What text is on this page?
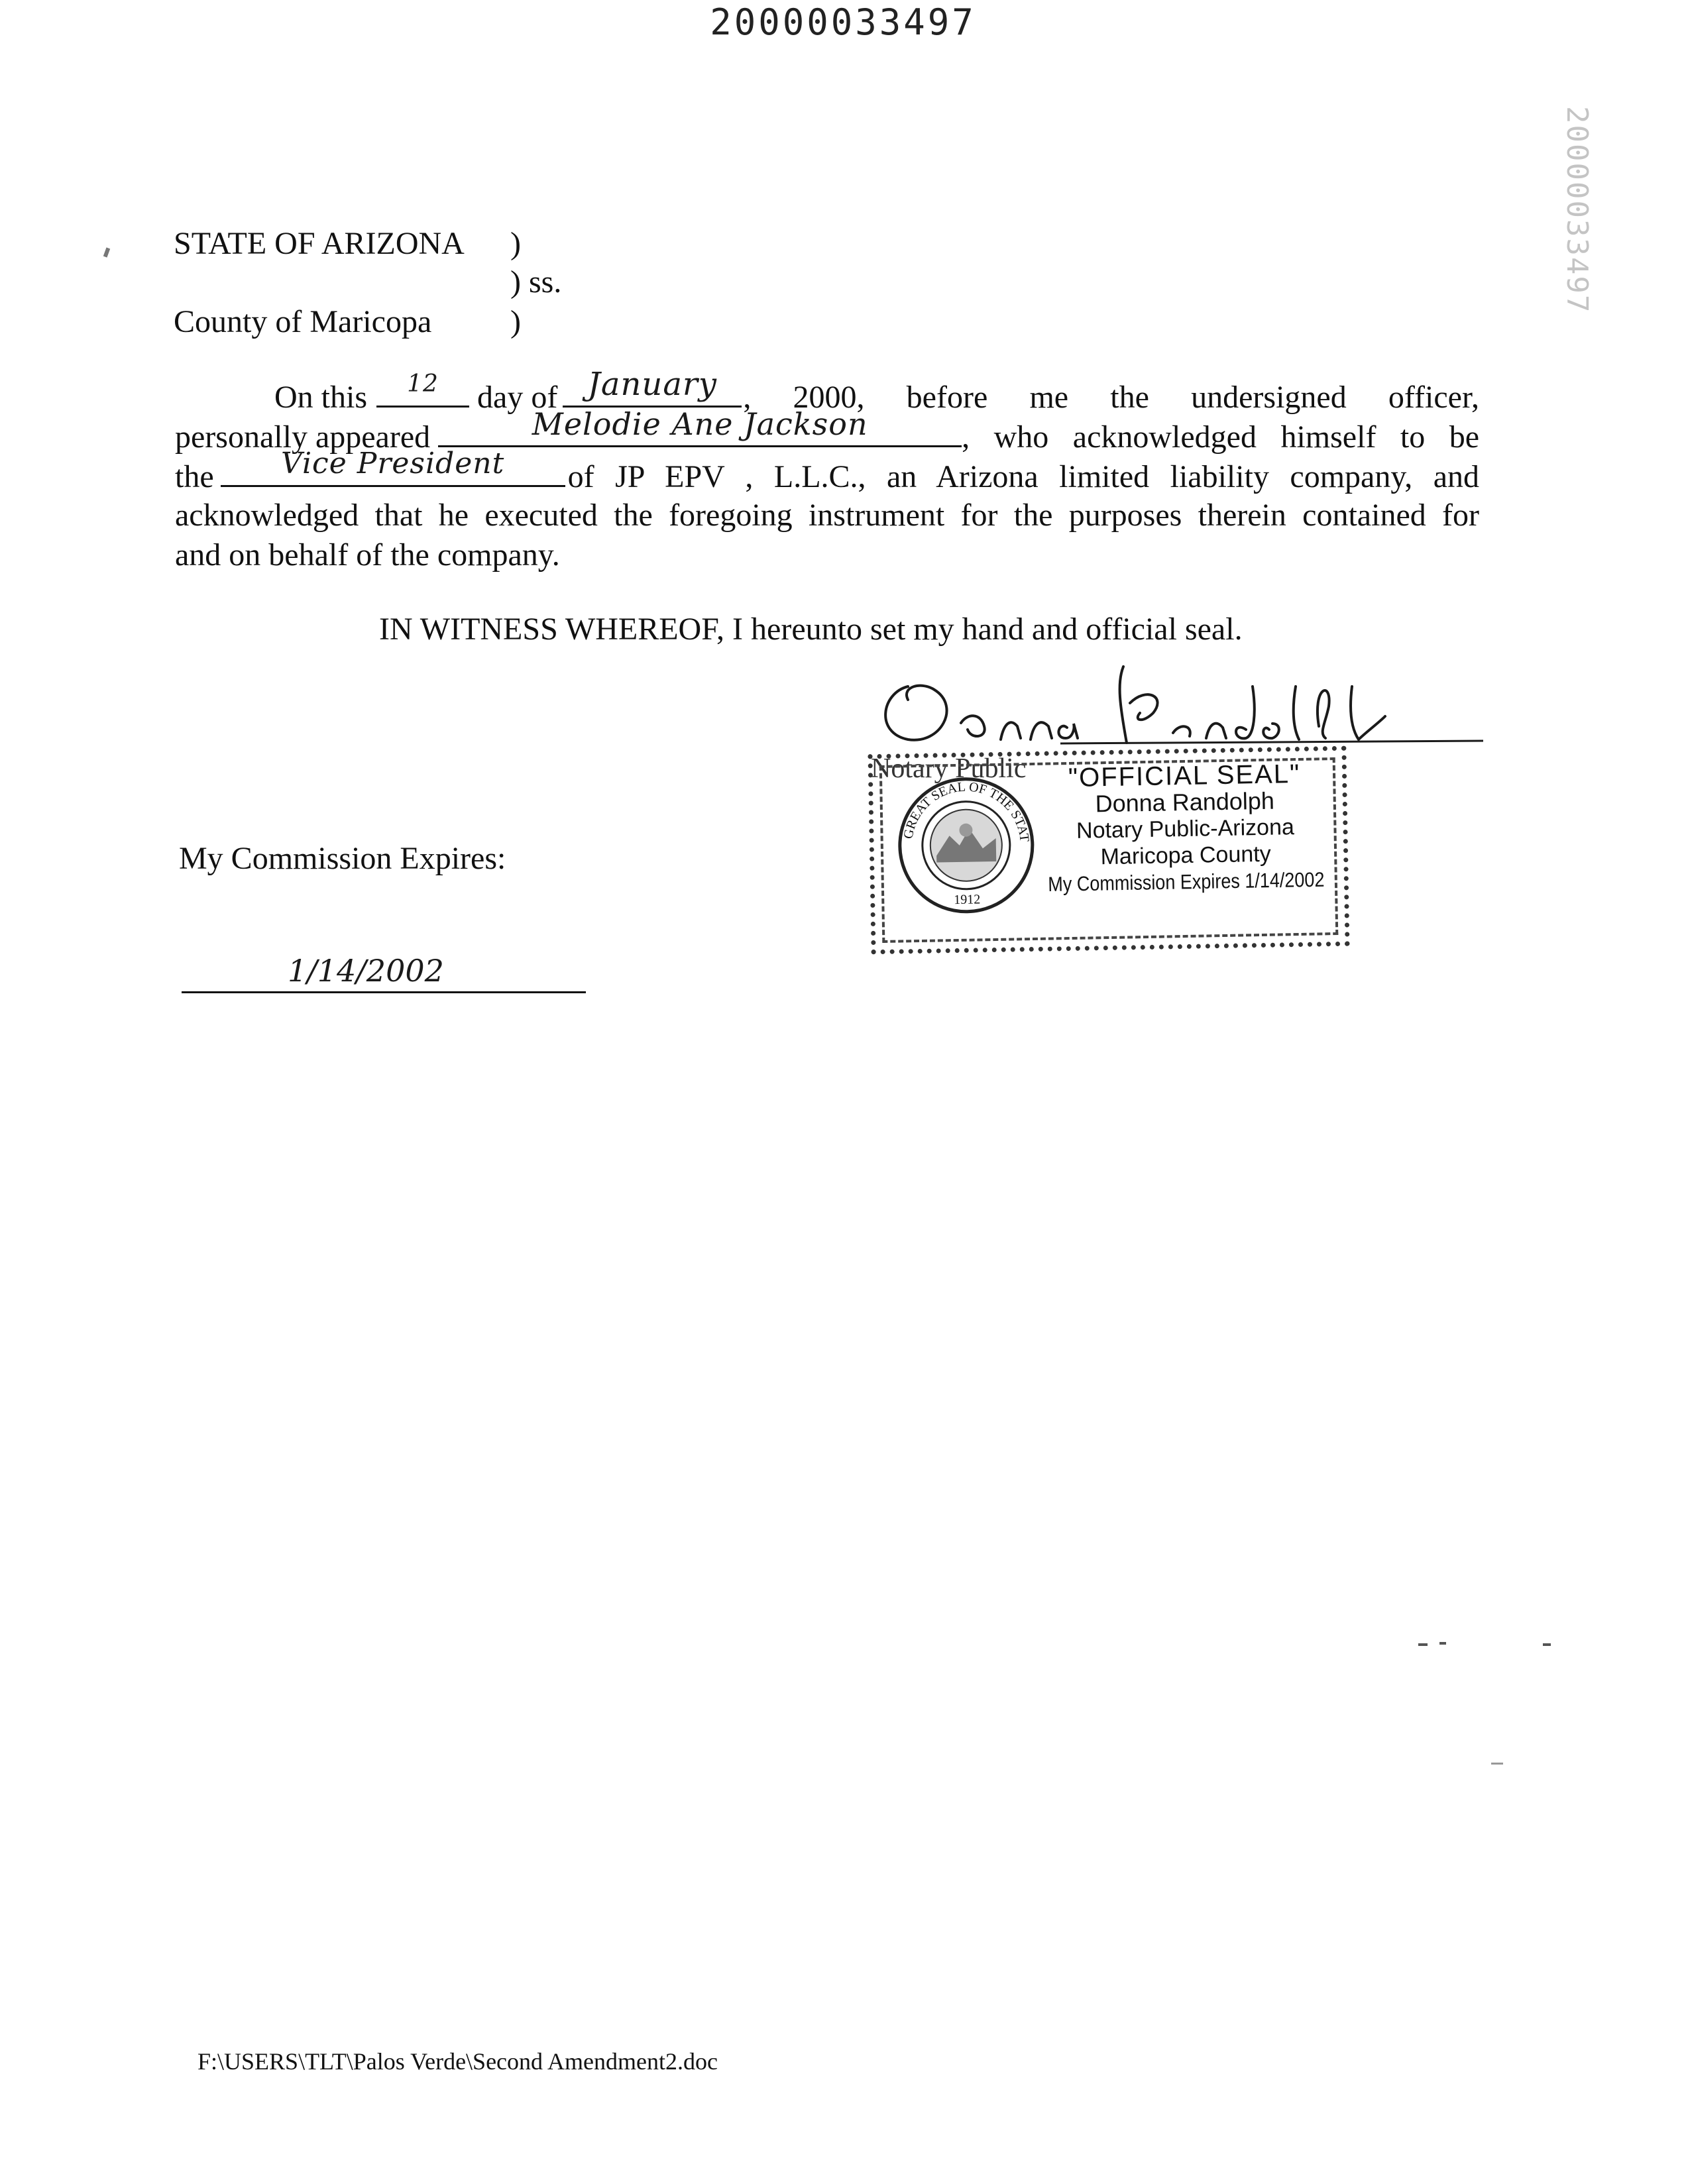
20000033497
20000033497
STATE OF ARIZONA )
) ss.
County of Maricopa )
On this	12	day of January , 2000, before me the undersigned officer,
personally appeared	Melodie Ane Jackson	, who acknowledged himself to be
the	Vice President	of JP EPV , L.L.C., an Arizona limited liability company, and
acknowledged that he executed the foregoing instrument for the purposes therein contained for
and on behalf of the company.
IN WITNESS WHEREOF, I hereunto set my hand and official seal.
Notary Public
GREAT SEAL OF THE STATE
1912
"OFFICIAL SEAL"
Donna Randolph
Notary Public-Arizona
Maricopa County
My Commission Expires 1/14/2002
My Commission Expires:
1/14/2002
F:\USERS\TLT\Palos Verde\Second Amendment2.doc
